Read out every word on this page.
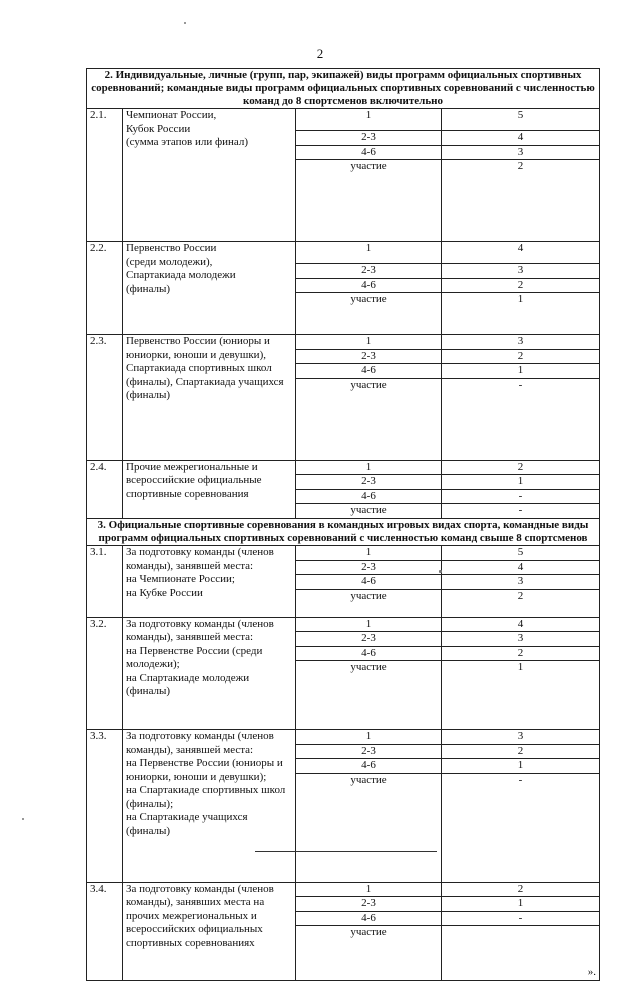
2
2. Индивидуальные, личные (групп, пар, экипажей) виды программ официальных спортивных соревнований; командные виды программ официальных спортивных соревнований с численностью команд до 8 спортсменов включительно			
2.1.	Чемпионат России,
Кубок России
(сумма этапов или финал)	1	5
		2-3	4
		4-6	3
		участие	2
2.2.	Первенство России
(среди молодежи),
Спартакиада молодежи
(финалы)	1	4
		2-3	3
		4-6	2
		участие	1
2.3.	Первенство России (юниоры и юниорки, юноши и девушки), Спартакиада спортивных школ (финалы), Спартакиада учащихся (финалы)	1	3
		2-3	2
		4-6	1
		участие	-
2.4.	Прочие межрегиональные и всероссийские официальные спортивные соревнования	1	2
		2-3	1
		4-6	-
		участие	-
3. Официальные спортивные соревнования в командных игровых видах спорта, командные виды программ официальных спортивных соревнований с численностью команд свыше 8 спортсменов			
3.1.	За подготовку команды (членов команды), занявшей места:
на Чемпионате России;
на Кубке России	1	5
		2-3	4
		4-6	3
		участие	2
3.2.	За подготовку команды (членов команды), занявшей места:
на Первенстве России (среди молодежи);
на Спартакиаде молодежи (финалы)	1	4
		2-3	3
		4-6	2
		участие	1
3.3.	За подготовку команды (членов команды), занявшей места:
на Первенстве России (юниоры и юниорки, юноши и девушки);
на Спартакиаде спортивных школ (финалы);
на Спартакиаде учащихся (финалы)	1	3
		2-3	2
		4-6	1
		участие	-
3.4.	За подготовку команды (членов команды), занявших места на прочих межрегиональных и всероссийских официальных спортивных соревнованиях	1	2
		2-3	1
		4-6	-
		участие	».
